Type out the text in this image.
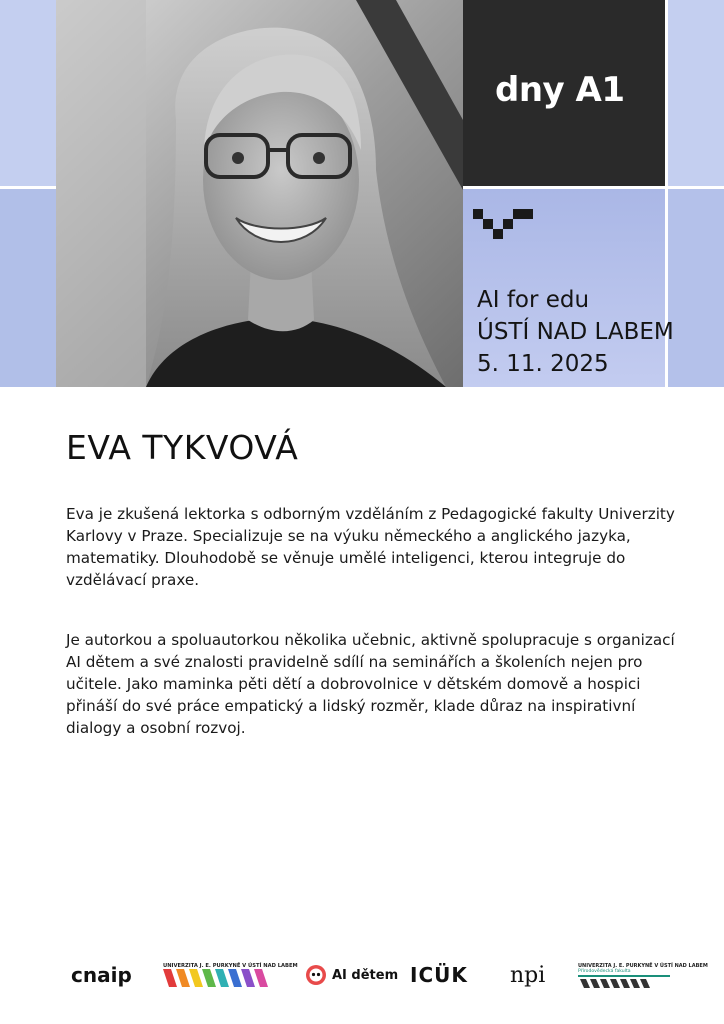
dny A1
AI for edu
ÚSTÍ NAD LABEM
5. 11. 2025
EVA TYKVOVÁ
Eva je zkušená lektorka s odborným vzděláním z Pedagogické fakulty Univerzity Karlovy v Praze. Specializuje se na výuku německého a anglického jazyka, matematiky. Dlouhodobě se věnuje umělé inteligenci, kterou integruje do vzdělávací praxe.
Je autorkou a spoluautorkou několika učebnic, aktivně spolupracuje s organizací AI dětem a své znalosti pravidelně sdílí na seminářích a školeních nejen pro učitele. Jako maminka pěti dětí a dobrovolnice v dětském domově a hospici přináší do své práce empatický a lidský rozměr, klade důraz na inspirativní dialogy a osobní rozvoj.
cnaip	UNIVERZITA J. E. PURKYNĚ V ÚSTÍ NAD LABEM
AI dětem ICÜK npi	UNIVERZITA J. E. PURKYNĚ V ÚSTÍ NAD LABEM
Přírodovědecká fakulta
